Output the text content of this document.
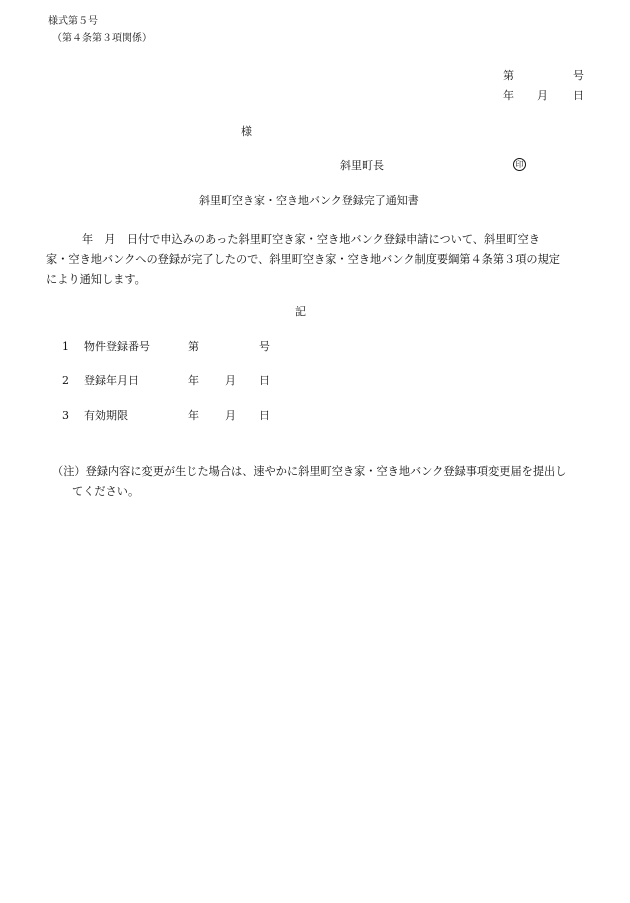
様式第５号
（第４条第３項関係）
第	号
年 月 日
様
斜里町長	印
斜里町空き家・空き地バンク登録完了通知書
年　月　日付で申込みのあった斜里町空き家・空き地バンク登録申請について、斜里町空き
家・空き地バンクへの登録が完了したので、斜里町空き家・空き地バンク制度要綱第４条第３項の規定
により通知します。
記
1 物件登録番号	第	号
2 登録年月日	年 月 日
3 有効期限	年 月 日
（注）登録内容に変更が生じた場合は、速やかに斜里町空き家・空き地バンク登録事項変更届を提出し
てください。
